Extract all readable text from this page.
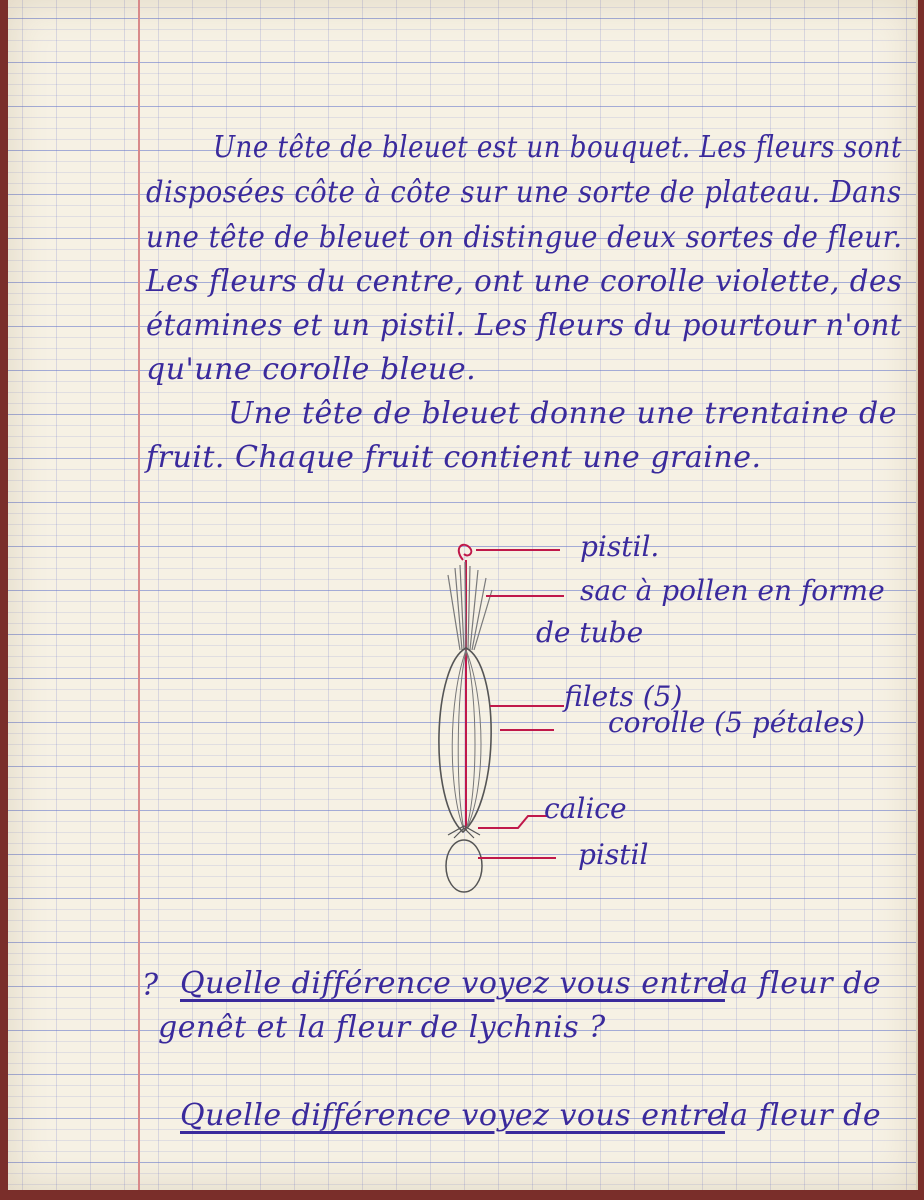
Une tête de bleuet est un bouquet. Les fleurs sont
disposées côte à côte sur une sorte de plateau. Dans
une tête de bleuet on distingue deux sortes de fleur.
Les fleurs du centre, ont une corolle violette, des
étamines et un pistil. Les fleurs du pourtour n'ont
qu'une corolle bleue.
Une tête de bleuet donne une trentaine de
fruit. Chaque fruit contient une graine.
pistil.
sac à pollen en forme
de tube
filets (5)
corolle (5 pétales)
calice
pistil
? Quelle différence voyez vous entre
la fleur de
genêt et la fleur de lychnis ?
Quelle différence voyez vous entre
la fleur de
